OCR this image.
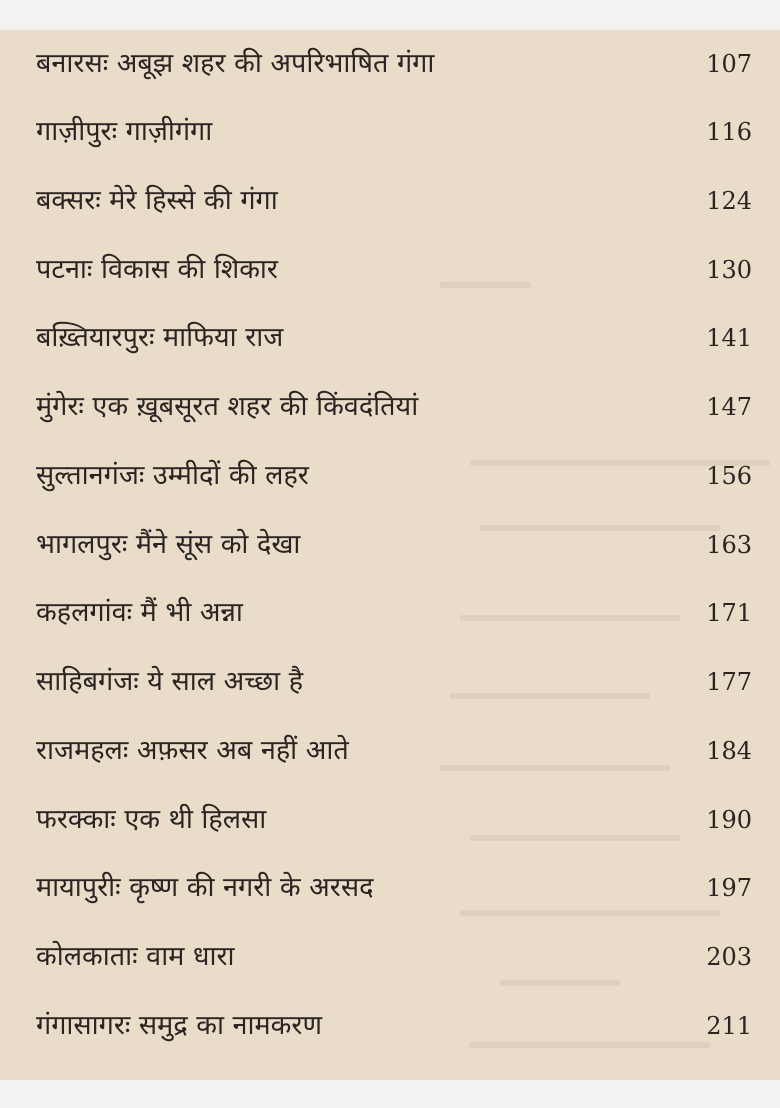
बनारसः अबूझ शहर की अपरिभाषित गंगा	107
गाज़ीपुरः गाज़ीगंगा	116
बक्सरः मेरे हिस्से की गंगा	124
पटनाः विकास की शिकार	130
बख़्तियारपुरः माफिया राज	141
मुंगेरः एक ख़ूबसूरत शहर की किंवदंतियां	147
सुल्तानगंजः उम्मीदों की लहर	156
भागलपुरः मैंने सूंस को देखा	163
कहलगांवः मैं भी अन्ना	171
साहिबगंजः ये साल अच्छा है	177
राजमहलः अफ़सर अब नहीं आते	184
फरक्काः एक थी हिलसा	190
मायापुरीः कृष्ण की नगरी के अरसद	197
कोलकाताः वाम धारा	203
गंगासागरः समुद्र का नामकरण	211
